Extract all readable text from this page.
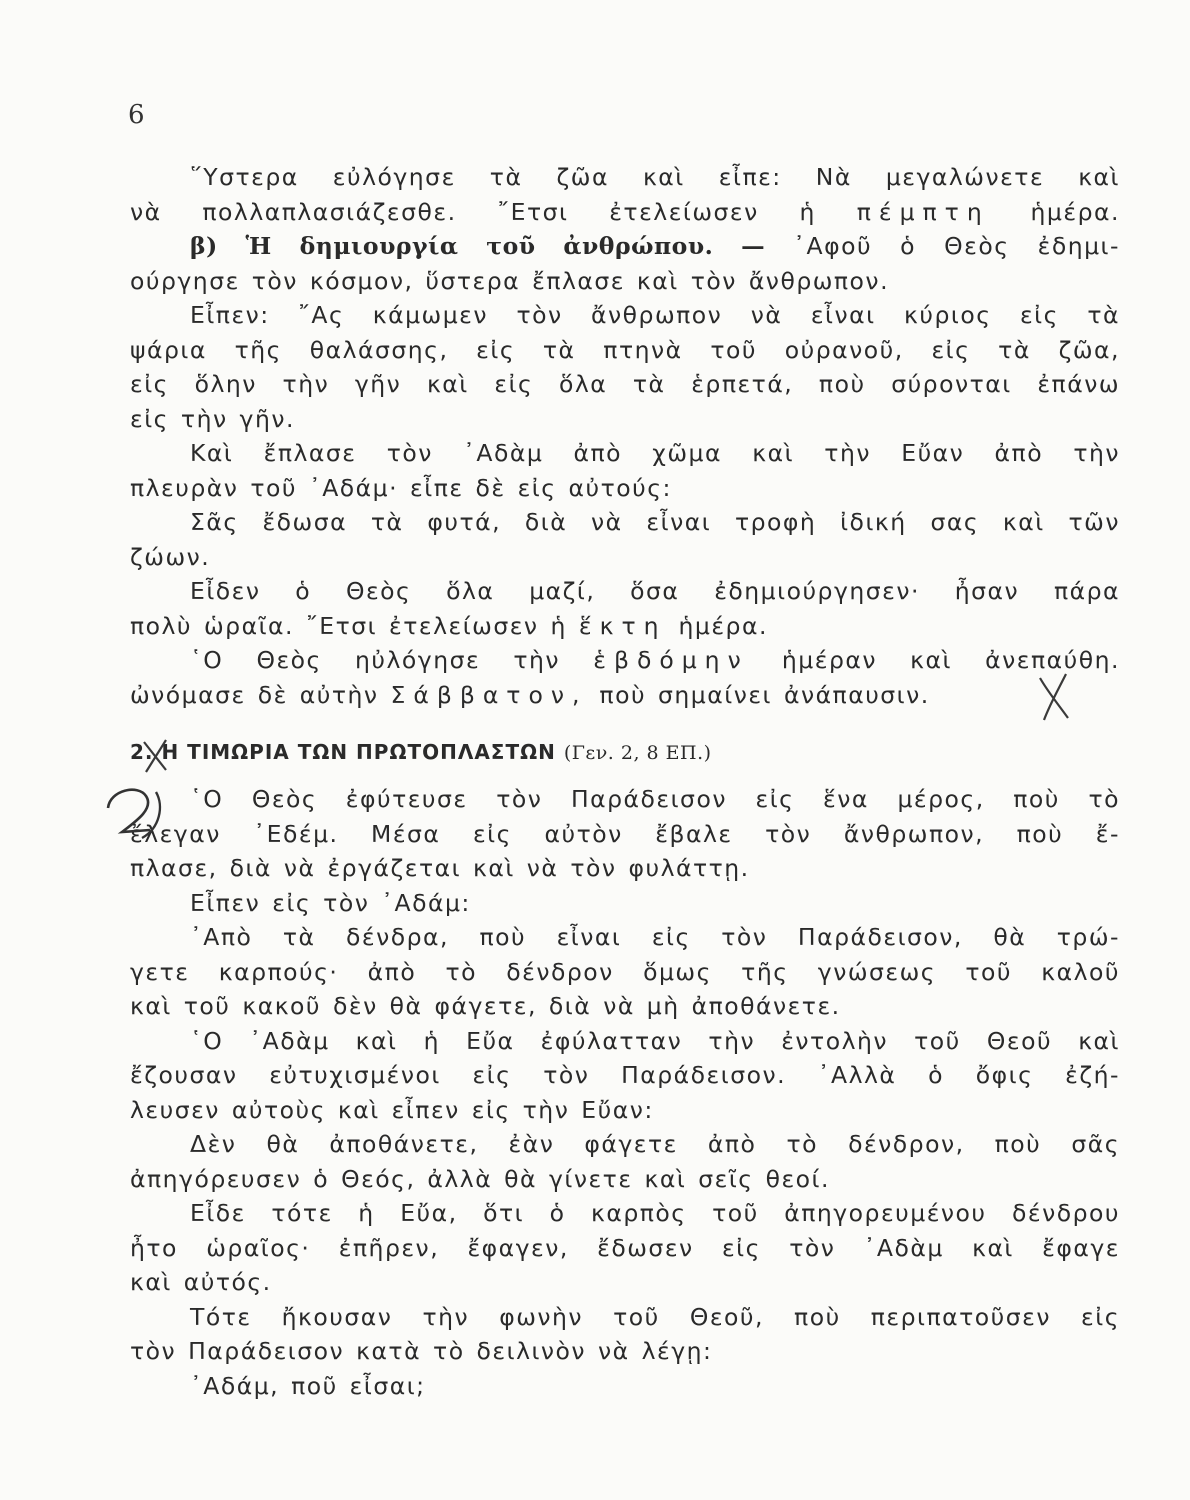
6
῞Υστερα εὐλόγησε τὰ ζῶα καὶ εἶπε: Νὰ μεγαλώνετε καὶ
νὰ πολλαπλασιάζεσθε. ῎Ετσι ἐτελείωσεν ἡ πέμπτη ἡμέρα.
β) Ἡ δημιουργία τοῦ ἀνθρώπου. — ᾽Αφοῦ ὁ Θεὸς ἐδημι-
ούργησε τὸν κόσμον, ὕστερα ἔπλασε καὶ τὸν ἄνθρωπον.
Εἶπεν: ῎Ας κάμωμεν τὸν ἄνθρωπον νὰ εἶναι κύριος εἰς τὰ
ψάρια τῆς θαλάσσης, εἰς τὰ πτηνὰ τοῦ οὐρανοῦ, εἰς τὰ ζῶα,
εἰς ὅλην τὴν γῆν καὶ εἰς ὅλα τὰ ἑρπετά, ποὺ σύρονται ἐπάνω
εἰς τὴν γῆν.
Καὶ ἔπλασε τὸν ᾽Αδὰμ ἀπὸ χῶμα καὶ τὴν Εὔαν ἀπὸ τὴν
πλευρὰν τοῦ ᾽Αδάμ· εἶπε δὲ εἰς αὐτούς:
Σᾶς ἔδωσα τὰ φυτά, διὰ νὰ εἶναι τροφὴ ἰδική σας καὶ τῶν
ζώων.
Εἶδεν ὁ Θεὸς ὅλα μαζί, ὅσα ἐδημιούργησεν· ἦσαν πάρα
πολὺ ὡραῖα. ῎Ετσι ἐτελείωσεν ἡ ἕκτη ἡμέρα.
῾Ο Θεὸς ηὐλόγησε τὴν ἑβδόμην ἡμέραν καὶ ἀνεπαύθη.
ὠνόμασε δὲ αὐτὴν Σάββατον, ποὺ σημαίνει ἀνάπαυσιν.
2. Η ΤΙΜΩΡΙΑ ΤΩΝ ΠΡΩΤΟΠΛΑΣΤΩΝ (Γεν. 2, 8 ΕΠ.)
῾Ο Θεὸς ἐφύτευσε τὸν Παράδεισον εἰς ἕνα μέρος, ποὺ τὸ
ἔλεγαν ᾽Εδέμ. Μέσα εἰς αὐτὸν ἔβαλε τὸν ἄνθρωπον, ποὺ ἔ-
πλασε, διὰ νὰ ἐργάζεται καὶ νὰ τὸν φυλάττῃ.
Εἶπεν εἰς τὸν ᾽Αδάμ:
᾽Απὸ τὰ δένδρα, ποὺ εἶναι εἰς τὸν Παράδεισον, θὰ τρώ-
γετε καρπούς· ἀπὸ τὸ δένδρον ὅμως τῆς γνώσεως τοῦ καλοῦ
καὶ τοῦ κακοῦ δὲν θὰ φάγετε, διὰ νὰ μὴ ἀποθάνετε.
῾Ο ᾽Αδὰμ καὶ ἡ Εὔα ἐφύλατταν τὴν ἐντολὴν τοῦ Θεοῦ καὶ
ἔζουσαν εὐτυχισμένοι εἰς τὸν Παράδεισον. ᾽Αλλὰ ὁ ὄφις ἐζή-
λευσεν αὐτοὺς καὶ εἶπεν εἰς τὴν Εὔαν:
Δὲν θὰ ἀποθάνετε, ἐὰν φάγετε ἀπὸ τὸ δένδρον, ποὺ σᾶς
ἀπηγόρευσεν ὁ Θεός, ἀλλὰ θὰ γίνετε καὶ σεῖς θεοί.
Εἶδε τότε ἡ Εὔα, ὅτι ὁ καρπὸς τοῦ ἀπηγορευμένου δένδρου
ἦτο ὡραῖος· ἐπῆρεν, ἔφαγεν, ἔδωσεν εἰς τὸν ᾽Αδὰμ καὶ ἔφαγε
καὶ αὐτός.
Τότε ἤκουσαν τὴν φωνὴν τοῦ Θεοῦ, ποὺ περιπατοῦσεν εἰς
τὸν Παράδεισον κατὰ τὸ δειλινὸν νὰ λέγῃ:
᾽Αδάμ, ποῦ εἶσαι;
